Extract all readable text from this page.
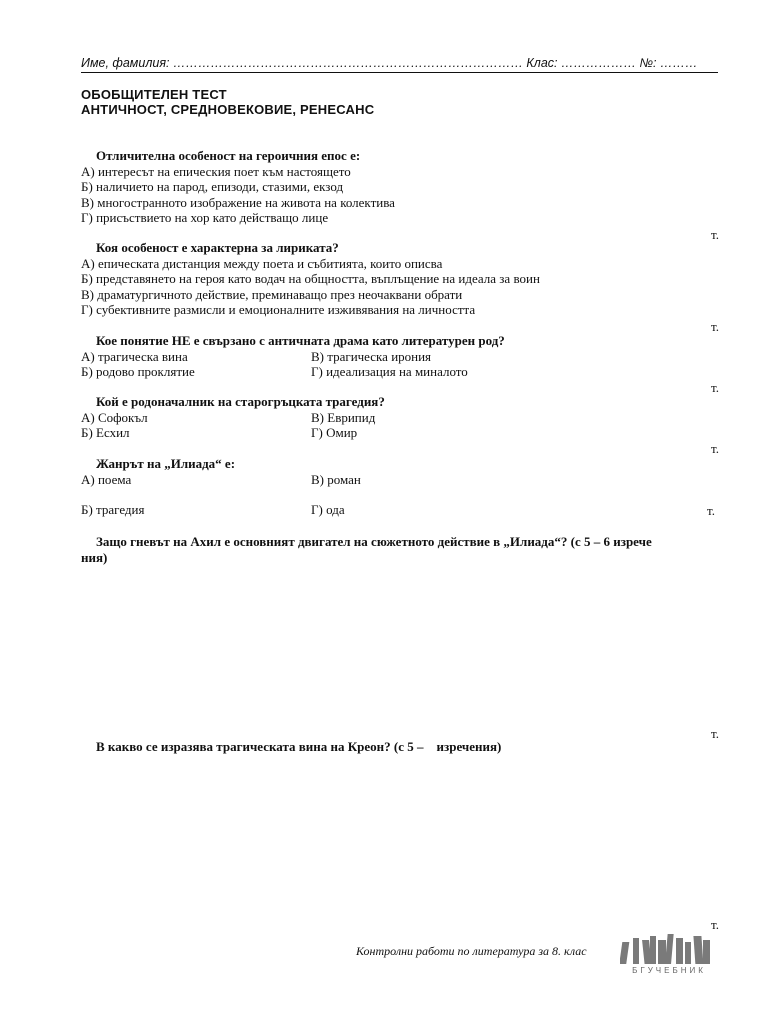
Име, фамилия: ………………………………………………………………………… Клас: ……………… №: ………
ОБОБЩИТЕЛЕН ТЕСТ
АНТИЧНОСТ, СРЕДНОВЕКОВИЕ, РЕНЕСАНС
Отличителна особеност на героичния епос е:
А) интересът на епическия поет към настоящето
Б) наличието на парод, епизоди, стазими, екзод
В) многостранното изображение на живота на колектива
Г) присъствието на хор като действащо лице
т.
Коя особеност е характерна за лириката?
А) епическата дистанция между поета и събитията, които описва
Б) представянето на героя като водач на общността, въплъщение на идеала за воин
В) драматургичното действие, преминаващо през неочаквани обрати
Г) субективните размисли и емоционалните изживявания на личността
т.
Кое понятие НЕ е свързано с античната драма като литературен род?
А) трагическа вина	В) трагическа ирония
Б) родово проклятие	Г) идеализация на миналото
т.
Кой е родоначалник на старогръцката трагедия?
А) Софокъл	В) Еврипид
Б) Есхил	Г) Омир
т.
Жанрът на „Илиада“ е:
А) поема	В) роман
Б) трагедия	Г) ода	т.
Защо гневът на Ахил е основният двигател на сюжетното действие в „Илиада“? (с 5 – 6 изрече
ния)
т.
В какво се изразява трагическата вина на Креон? (с 5 –    изречения)
т.
Контролни работи по литература за 8. клас
БГУЧЕБНИК
